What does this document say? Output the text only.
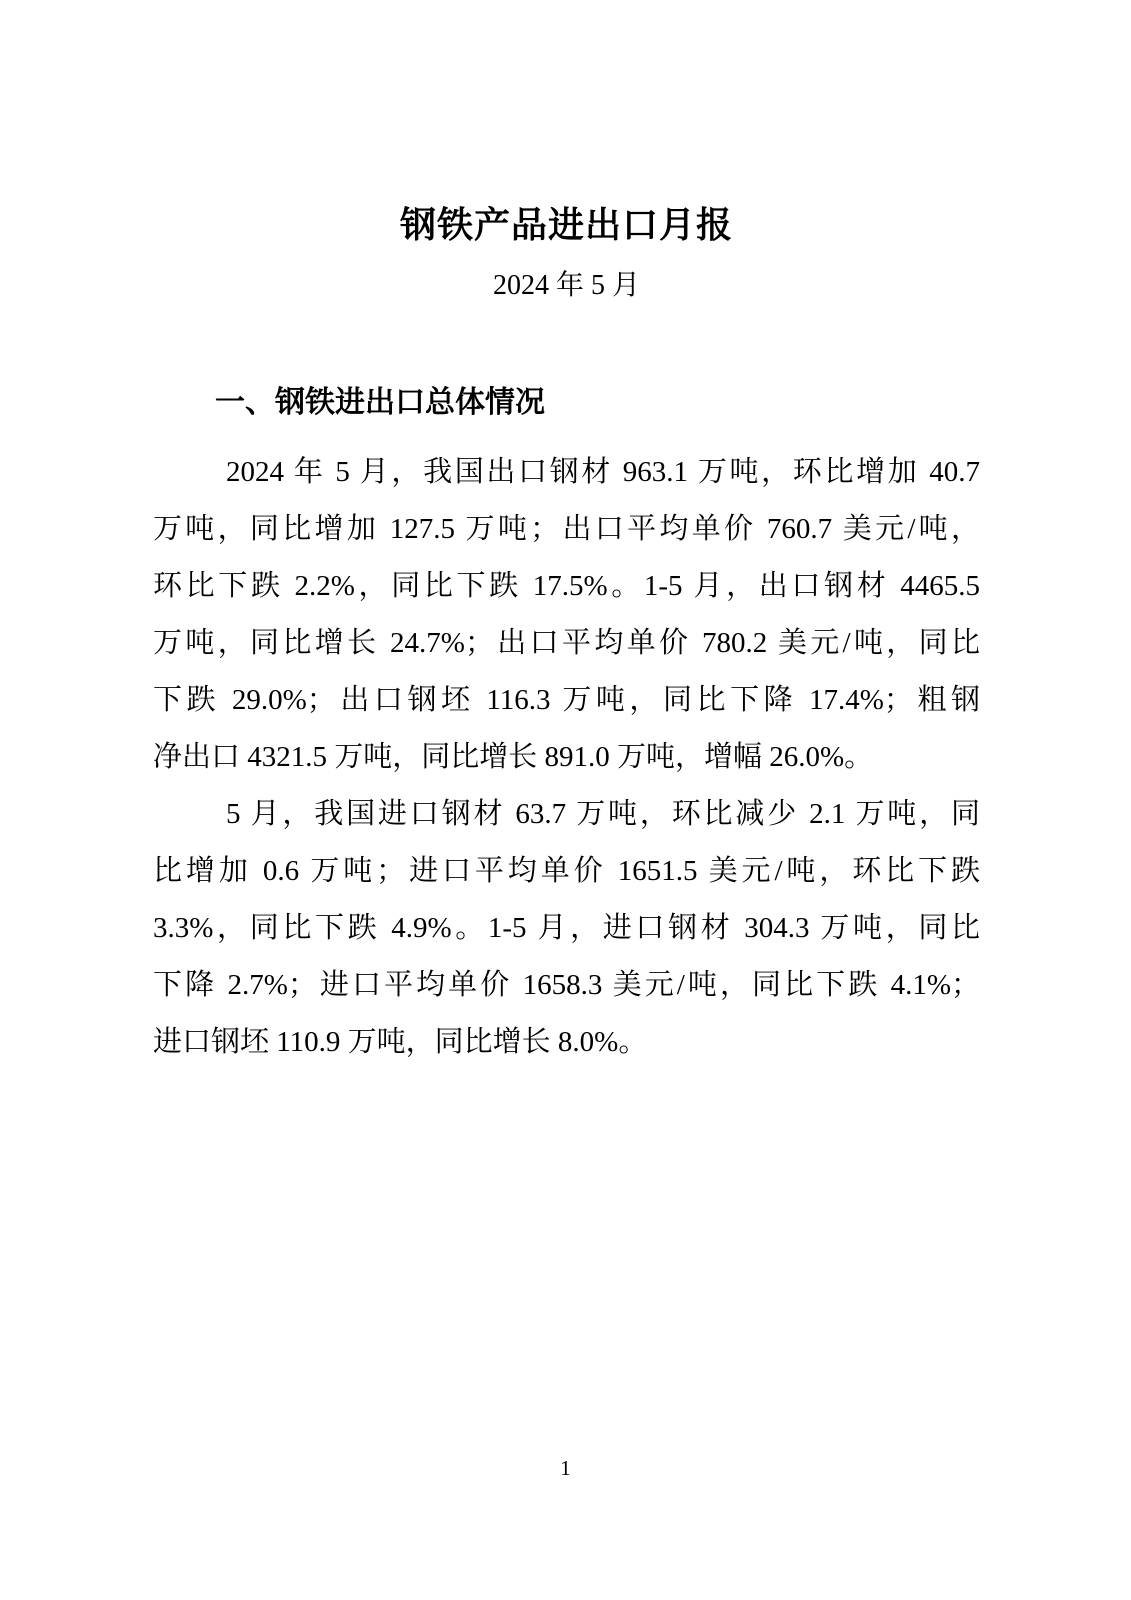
钢铁产品进出口月报
2024 年 5 月
一、钢铁进出口总体情况
2024 年 5 月，我国出口钢材 963.1 万吨，环比增加 40.7
万吨，同比增加 127.5 万吨；出口平均单价 760.7 美元/吨，
环比下跌 2.2%，同比下跌 17.5%。1-5 月，出口钢材 4465.5
万吨，同比增长 24.7%；出口平均单价 780.2 美元/吨，同比
下跌 29.0%；出口钢坯 116.3 万吨，同比下降 17.4%；粗钢
净出口 4321.5 万吨，同比增长 891.0 万吨，增幅 26.0%。
5 月，我国进口钢材 63.7 万吨，环比减少 2.1 万吨，同
比增加 0.6 万吨；进口平均单价 1651.5 美元/吨，环比下跌
3.3%，同比下跌 4.9%。1-5 月，进口钢材 304.3 万吨，同比
下降 2.7%；进口平均单价 1658.3 美元/吨，同比下跌 4.1%；
进口钢坯 110.9 万吨，同比增长 8.0%。
1
